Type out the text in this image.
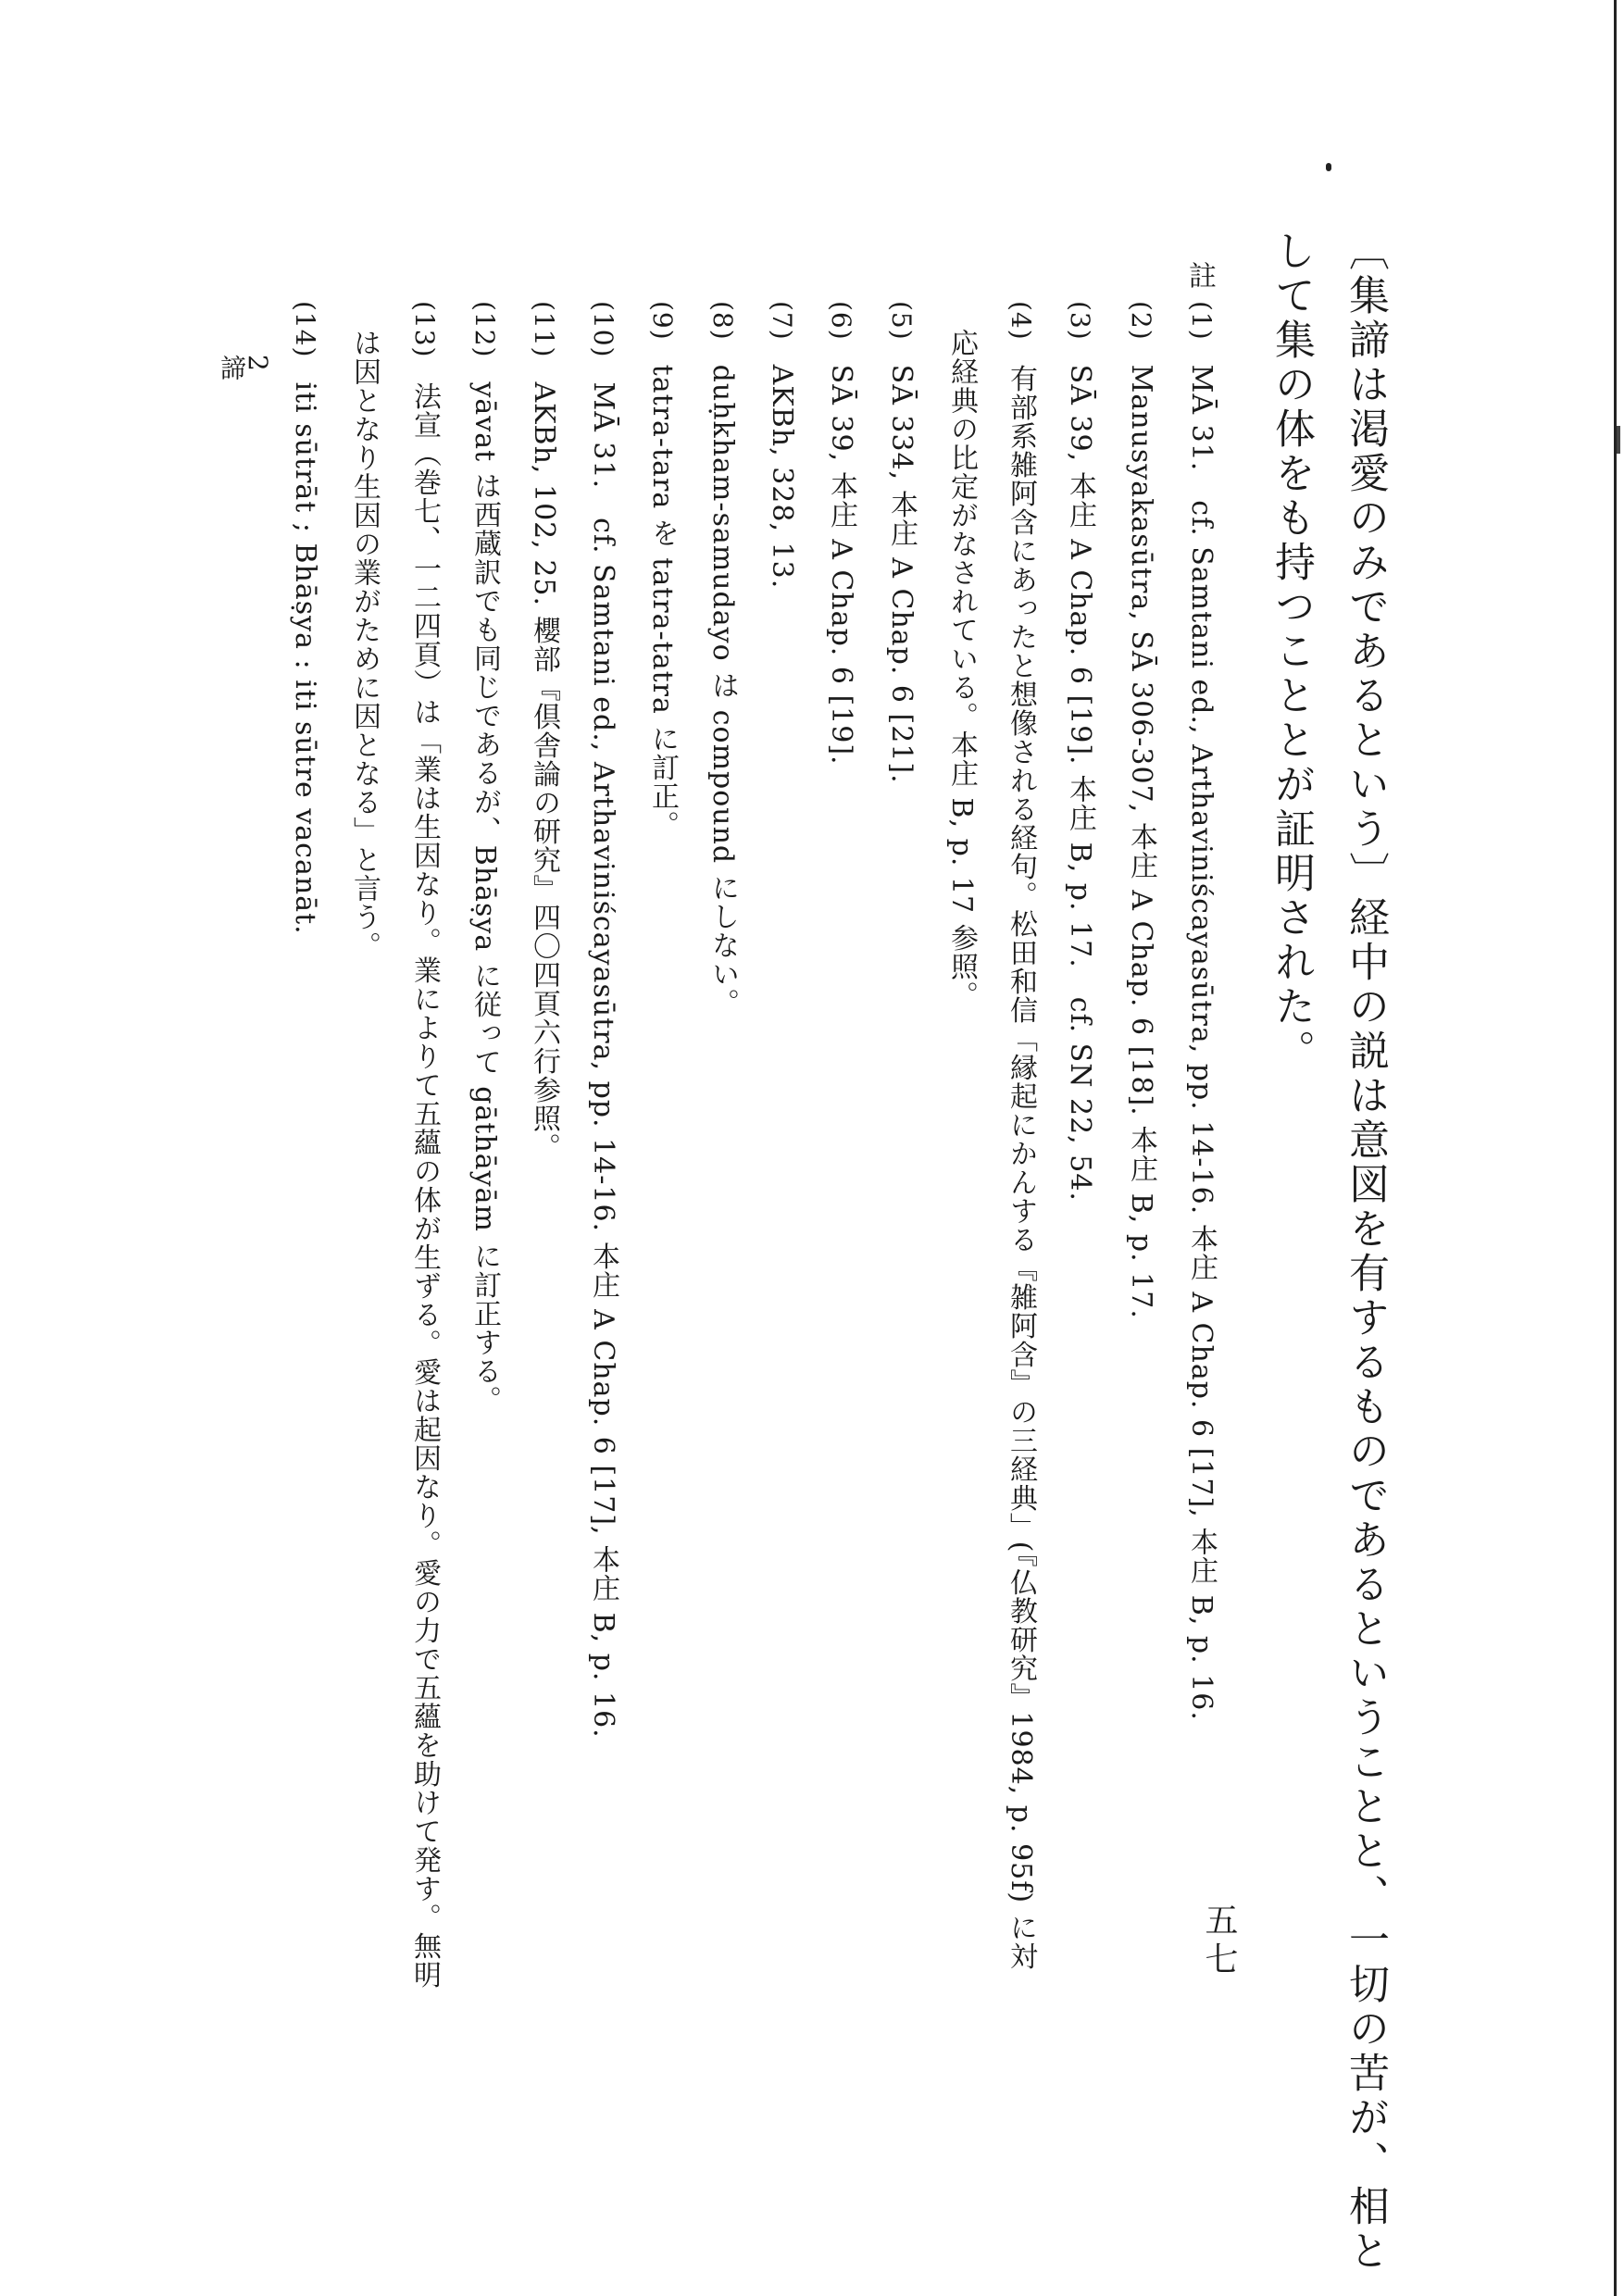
〔集諦は渇愛のみであるという〕経中の説は意図を有するものであるということと、一切の苦が、相と
して集の体をも持つこととが証明された。
註
(1)MĀ 31.　cf. Samtani ed., Arthaviniścayasūtra, pp. 14-16. 本庄 A Chap. 6 [17], 本庄 B, p. 16.
(2)Manusyakasūtra, SĀ 306-307, 本庄 A Chap. 6 [18]. 本庄 B, p. 17.
(3)SĀ 39, 本庄 A Chap. 6 [19]. 本庄 B, p. 17.　cf. SN 22, 54.
(4)有部系雑阿含にあったと想像される経句。松田和信「縁起にかんする『雑阿含』の三経典」(『仏教研究』1984, p. 95f) に対
応経典の比定がなされている。本庄 B, p. 17 参照。
(5)SĀ 334, 本庄 A Chap. 6 [21].
(6)SĀ 39, 本庄 A Chap. 6 [19].
(7)AKBh, 328, 13.
(8)duḥkham-samudayo は compound にしない。
(9)tatra-tara を tatra-tatra に訂正。
(10)MĀ 31.　cf. Samtani ed., Arthaviniścayasūtra, pp. 14-16. 本庄 A Chap. 6 [17], 本庄 B, p. 16.
(11)AKBh, 102, 25. 櫻部『倶舎論の研究』四〇四頁六行参照。
(12)yāvat は西蔵訳でも同じであるが、Bhāṣya に従って gāthāyām に訂正する。
(13)法宣（巻七、一二四頁）は「業は生因なり。業によりて五蘊の体が生ずる。愛は起因なり。愛の力で五蘊を助けて発す。無明
は因となり生因の業がために因となる」と言う。
(14)iti sūtrāt ; Bhāṣya : iti sūtre vacanāt.
2
諦
五七
